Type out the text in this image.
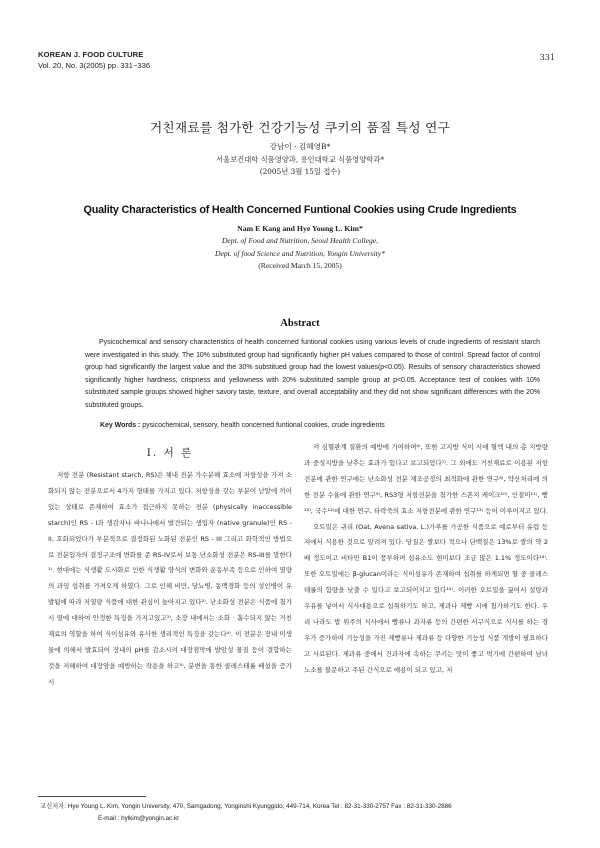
KOREAN J. FOOD CULTURE
Vol. 20, No. 3(2005) pp. 331~336
331
거친재료를 첨가한 건강기능성 쿠키의 품질 특성 연구
강남이 · 김혜영B*
서울보건대학 식품영양과, 용인대학교 식품영양학과*
(2005년 3월 15일 접수)
Quality Characteristics of Health Concerned Funtional Cookies using Crude Ingredients
Nam E Kang and Hye Young L. Kim*
Dept. of Food and Nutrition, Seoul Health College,
Dept. of food Science and Nutrition, Yongin University*
(Received March 15, 2005)
Abstract
Pysicochemical and sensory characteristics of health concerned funtional cookies using various levels of crude ingredients of resistant starch were investigated in this study. The 10% substituted group had significantly higher pH values compared to those of control. Spread factor of control group had significantly the largest value and the 30% substitued group had the lowest values(p<0.05). Results of sensory characteristics showed significantly higher hardness, crispness and yellowness with 20% substituted sample group at p<0.05. Acceptance test of cookies with 10% substituted sample groups showed higher savory taste, texture, and overall acceptability and they did not show significant differences with the 20% substituted groups.
Key Words : pysicochemical, sensory, health concerned funtional cookies, crude ingredients
I. 서 론

저항 전분 (Resistant starch, RS)은 체내 전분 가수분해 효소에 저항성을 가져 소화되지 않는 전분으로서 4가지 형태를 가지고 있다. 저항성을 갖는 부분이 낟알에 끼어있는 상태로 존재하여 효소가 접근하지 못하는 전분 (physically inaccessible starch)인 RS - I과 생감자나 바나나에서 발견되는 생입자 (native granule)인 RS - II, 호화되었다가 부분적으로 결정화된 노화된 전분인 RS - III 그리고 화학적인 방법으로 전분입자의 결정구조에 변화를 준 RS-IV로서 보통 난소화성 전분은 RS-III를 말한다¹⁾. 현대에는 식생활 도시화로 인한 식생활 양식의 변화와 운동부족 등으로 인하여 열량의 과잉 섭취를 가져오게 하였다. 그로 인해 비만, 당뇨병, 동맥경화 등의 성인병이 유발됨에 따라 저열량 식품에 대한 관심이 높아지고 있다²⁾. 난소화성 전분은 식품에 첨가시 열에 대하여 안정한 특징을 가지고있고³⁾, 소장 내에서는 소화 · 흡수되지 않는 거친재료의 역할을 하여 식이섬유와 유사한 생리적인 특징을 갖는다⁴⁾. 이 전분은 장내 미생물에 의해서 발효되어 장내의 pH를 감소시켜 대장점막에 발암성 물질 등이 결합하는 것을 저해하여 대장암을 예방하는 작용을 하고⁵⁾, 분변을 통한 콜레스테롤 배설을 증가시

켜 심혈관계 질환의 예방에 기여하며⁶⁾, 또한 고지방 식이 시에 혈액 내의 총 지방량과 중성지방을 낮추는 효과가 있다고 보고되었다⁷⁾. 그 외에도 거친재료로 이용된 저항 전분에 관한 연구에는 난소화성 전분 제조공정의 최적화에 관한 연구⁸⁾, 약산처리에 의한 전분 수율에 관한 연구⁹⁾, RS3형 저항전분을 첨가한 스폰지 케이크¹⁰⁾, 인절미¹¹⁾, 빵¹²⁾, 국수¹²⁾에 대한 연구, 타락죽의 효소 저항전분에 관한 연구¹³⁾ 등이 이루어지고 있다.

오트밀은 귀리 (Oat, Avena sativa, L.)가루를 가공한 식품으로 예로부터 유럽 등지에서 식용한 것으로 알려져 있다. 당질은 쌀보다 적으나 단백질은 13%로 쌀의 약 2배 정도이고 비타민 B1이 풍부하며 섬유소도 현미보다 조금 많은 1.1% 정도이다¹⁴⁾. 또한 오트밀에는 β-glucan이라는 식이섬유가 존재하여 섭취를 하게되면 혈 중 콜레스테롤의 함량을 낮출 수 있다고 보고되어지고 있다¹⁵⁾. 이러한 오트밀을 끓여서 설탕과 우유를 넣어서 식사대용으로 섭취하기도 하고, 제과나 제빵 시에 첨가하기도 한다. 우리 나라도 밥 위주의 식사에서 빵류나 과자류 등의 간편한 서구식으로 식사를 하는 경우가 증가하여 기능성을 가진 제빵류나 제과류 등 다양한 기능성 식품 개발이 필요하다고 사료된다. 제과류 중에서 건과자에 속하는 쿠키는 맛이 좋고 먹기에 간편하여 남녀노소를 불문하고 주된 간식으로 애용이 되고 있고, 저

교신저자: Hye Young L. Kim, Yongin University, 470, Samgadong, Yonginshi Kyunggido, 449-714, Korea Tel : 82-31-330-2757 Fax : 82-31-330-2886
E-mail : hylkim@yongin.ac.kr
